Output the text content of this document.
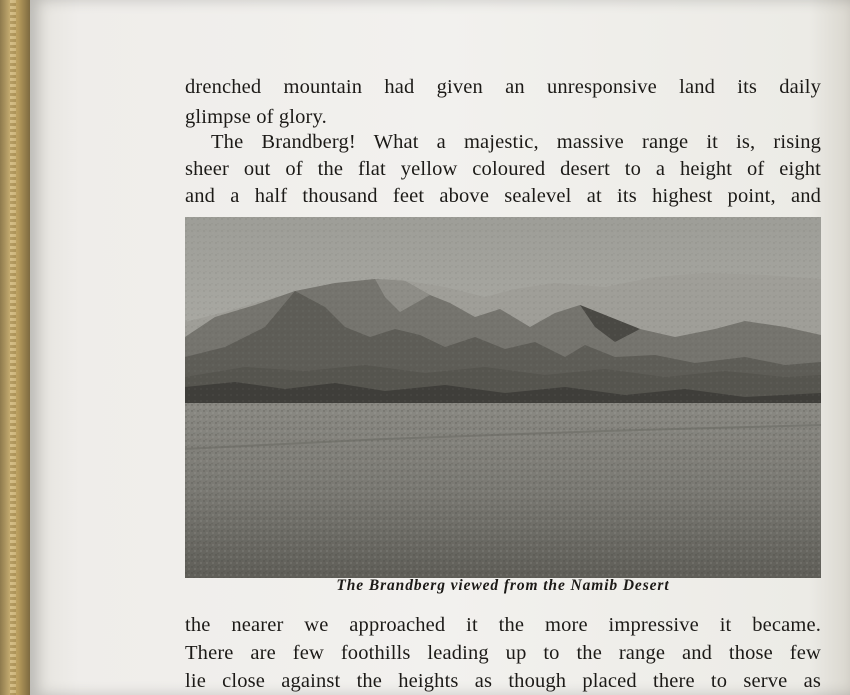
drenched mountain had given an unresponsive land its daily
glimpse of glory.
The Brandberg! What a majestic, massive range it is, rising
sheer out of the flat yellow coloured desert to a height of eight
and a half thousand feet above sealevel at its highest point, and
The Brandberg viewed from the Namib Desert
the nearer we approached it the more impressive it became.
There are few foothills leading up to the range and those few
lie close against the heights as though placed there to serve as
